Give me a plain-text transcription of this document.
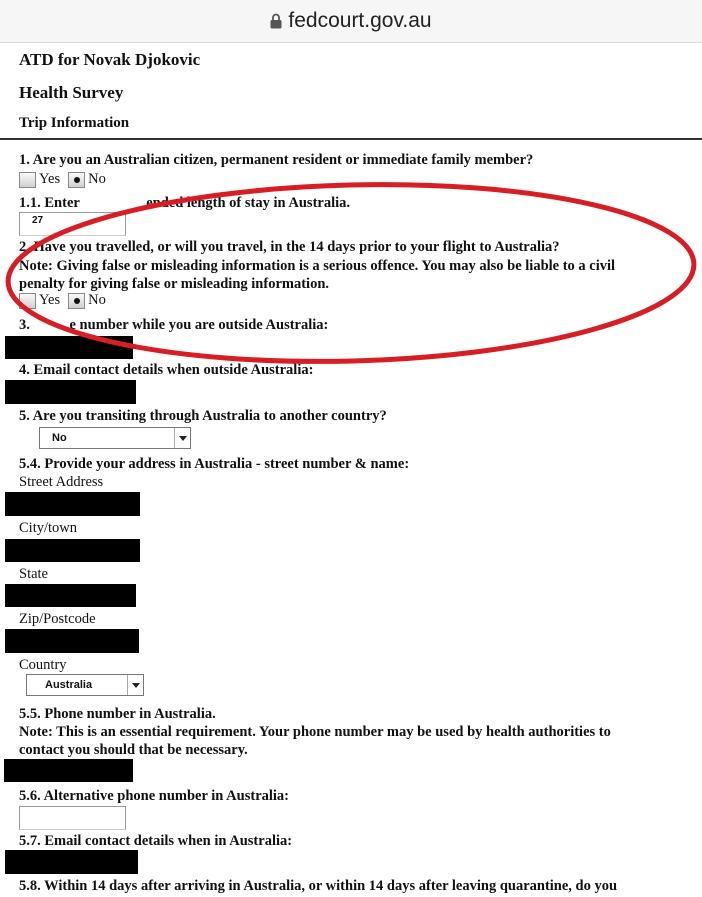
fedcourt.gov.au
ATD for Novak Djokovic
Health Survey
Trip Information
1. Are you an Australian citizen, permanent resident or immediate family member?
Yes No
1.1. Enter	ended length of stay in Australia.
27
2. Have you travelled, or will you travel, in the 14 days prior to your flight to Australia?
Note: Giving false or misleading information is a serious offence. You may also be liable to a civil
penalty for giving false or misleading information.
Yes No
3. e number while you are outside Australia:
4. Email contact details when outside Australia:
5. Are you transiting through Australia to another country?
No
5.4. Provide your address in Australia - street number & name:
Street Address
City/town
State
Zip/Postcode
Country
Australia
5.5. Phone number in Australia.
Note: This is an essential requirement. Your phone number may be used by health authorities to
contact you should that be necessary.
5.6. Alternative phone number in Australia:
5.7. Email contact details when in Australia:
5.8. Within 14 days after arriving in Australia, or within 14 days after leaving quarantine, do you
